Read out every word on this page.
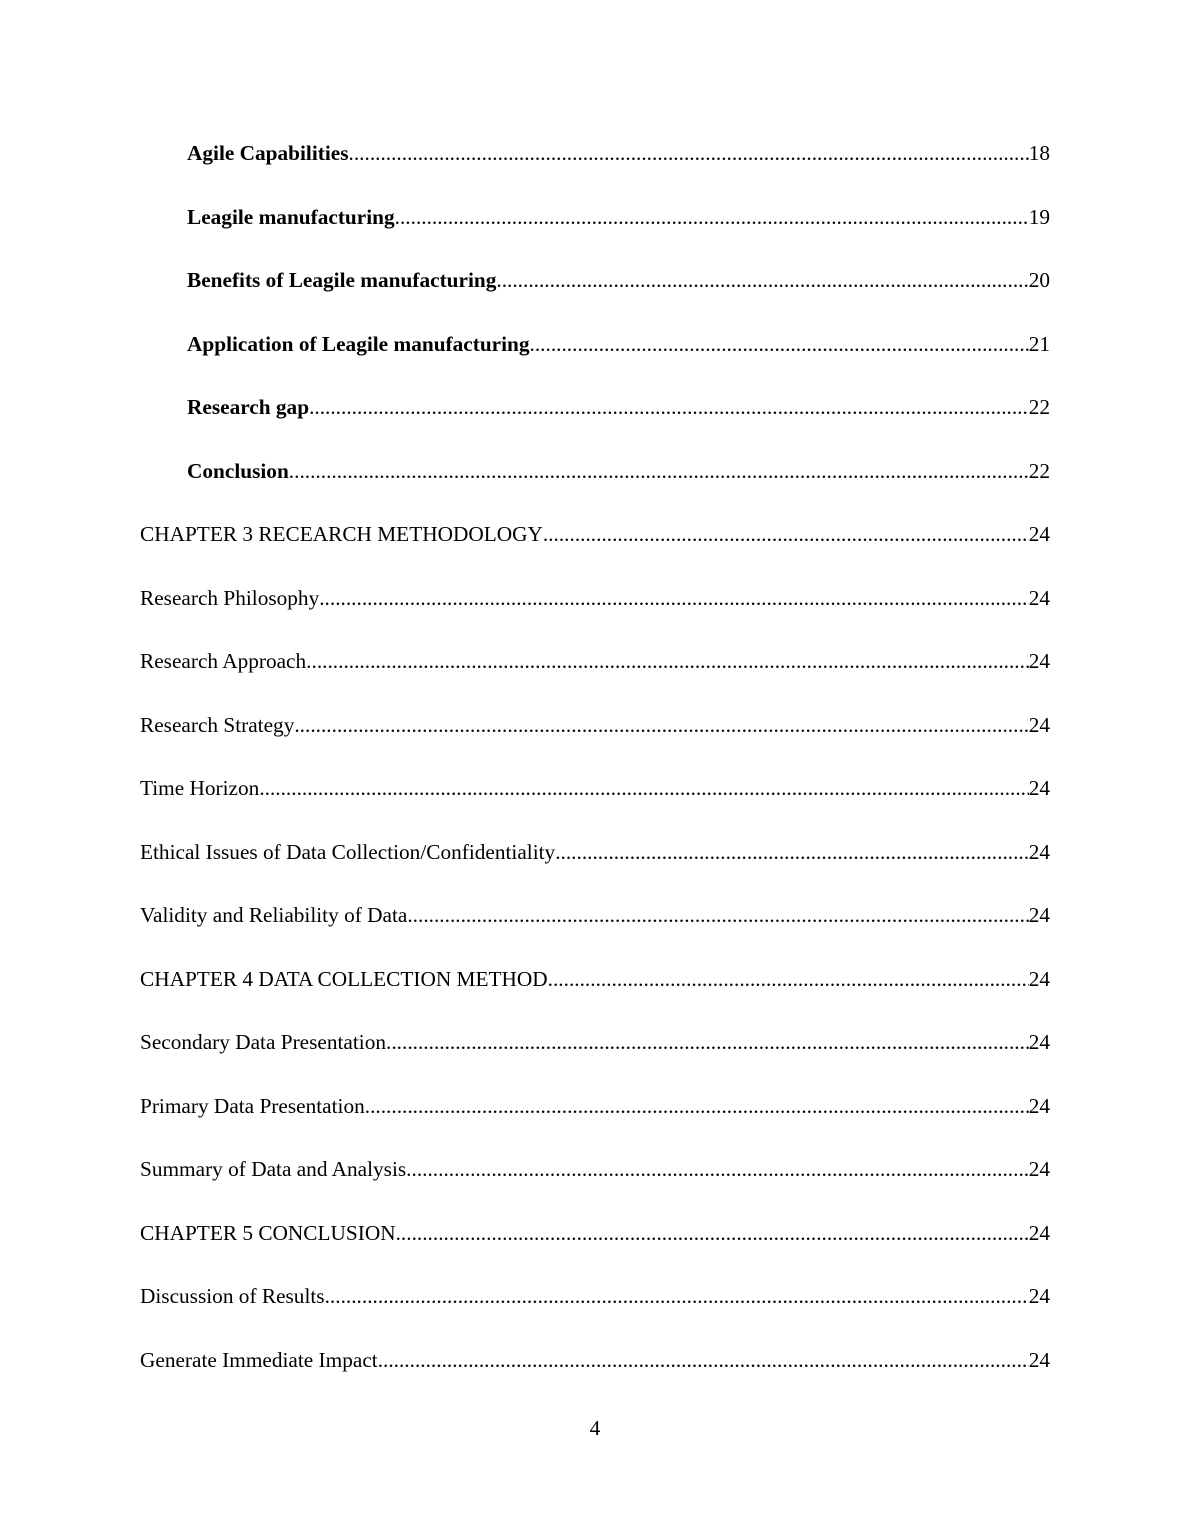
Agile Capabilities .....	18
Leagile manufacturing .....	19
Benefits of Leagile manufacturing .....	20
Application of Leagile manufacturing .....	21
Research gap .....	22
Conclusion .....	22
CHAPTER 3 RECEARCH METHODOLOGY .....	24
Research Philosophy .....	24
Research Approach .....	24
Research Strategy .....	24
Time Horizon .....	24
Ethical Issues of Data Collection/Confidentiality .....	24
Validity and Reliability of Data .....	24
CHAPTER 4 DATA COLLECTION METHOD .....	24
Secondary Data Presentation .....	24
Primary Data Presentation .....	24
Summary of Data and Analysis .....	24
CHAPTER 5 CONCLUSION .....	24
Discussion of Results .....	24
Generate Immediate Impact .....	24
4
